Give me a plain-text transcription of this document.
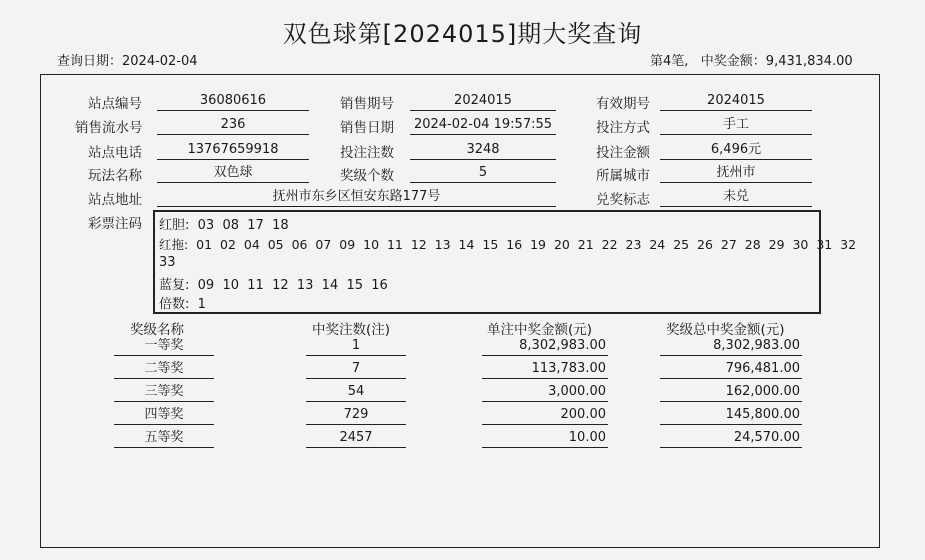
双色球第[2024015]期大奖查询
查询日期：2024-02-04	第4笔,   中奖金额：9,431,834.00
站点编号	36080616	销售期号	2024015	有效期号	2024015
销售流水号	236	销售日期	2024-02-04 19:57:55	投注方式	手工
站点电话	13767659918	投注注数	3248	投注金额	6,496元
玩法名称	双色球	奖级个数	5	所属城市	抚州市
站点地址	抚州市东乡区恒安东路177号	兑奖标志	未兑
彩票注码 红胆:  03  08  17  18
红拖:  01  02  04  05  06  07  09  10  11  12  13  14  15  16  19  20  21  22  23  24  25  26  27  28  29  30  31  32
33
蓝复:  09  10  11  12  13  14  15  16
倍数:  1
奖级名称	中奖注数(注)	单注中奖金额(元)	奖级总中奖金额(元)
一等奖	1	8,302,983.00	8,302,983.00
二等奖	7	113,783.00	796,481.00
三等奖	54	3,000.00	162,000.00
四等奖	729	200.00	145,800.00
五等奖	2457	10.00	24,570.00
